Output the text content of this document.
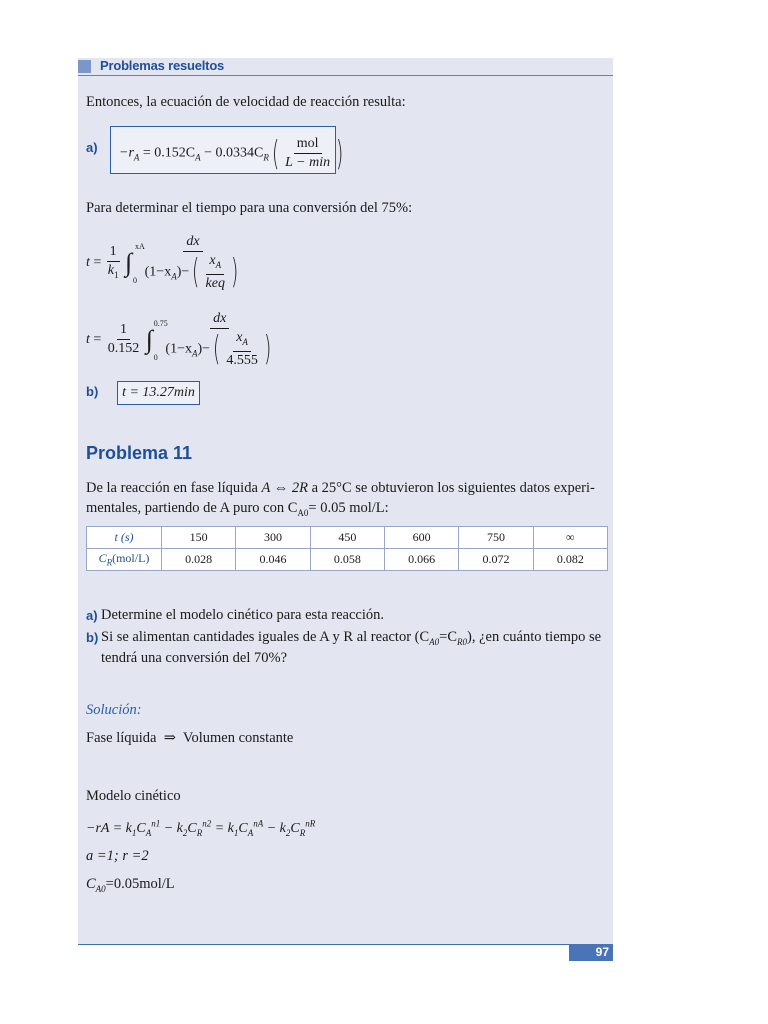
Problemas resueltos
Entonces, la ecuación de velocidad de reacción resulta:
$a) -r_A = 0.152C_A - 0.0334C_R( \frac{\text{mol}}{L - \min}$ )
Para determinar el tiempo para una conversión del 75%:
$t = \frac{1}{k_1}$ ∫
xA
0
$\frac{dx}{(1-x_A)-( \frac{x_A}{\text{keq}} )}$
$t = \frac{1}{0.152}$ ∫
0.75
0
$\frac{dx}{(1-x_A)-( \frac{x_A}{4.555} )}$
b)	t = 13.27min
Problema 11
De la reacción en fase líquida A ⇔ 2R a 25°C se obtuvieron los siguientes datos experi-
mentales, partiendo de A puro con $C_{A0}= 0.05$ mol/L:
t (s)	150	300	450	600	750	∞
$C_R(mol/L)$	0.028	0.046	0.058	0.066	0.072	0.082
a) Determine el modelo cinético para esta reacción.
b) Si se alimentan cantidades iguales de A y R al reactor $(C_{A0}=C_{R0})$, ¿en cuánto tiempo se
tendrá una conversión del 70%?
Solución:
Fase líquida  ⇒  Volumen constante
Modelo cinético
$-rA = k_1C_A^{n1} - k_2C_R^{n2} = k_1C_A^{nA} - k_2C_R^{nR}$
a =1; r =2
$C_{A0}=0.05mol/L$
97
